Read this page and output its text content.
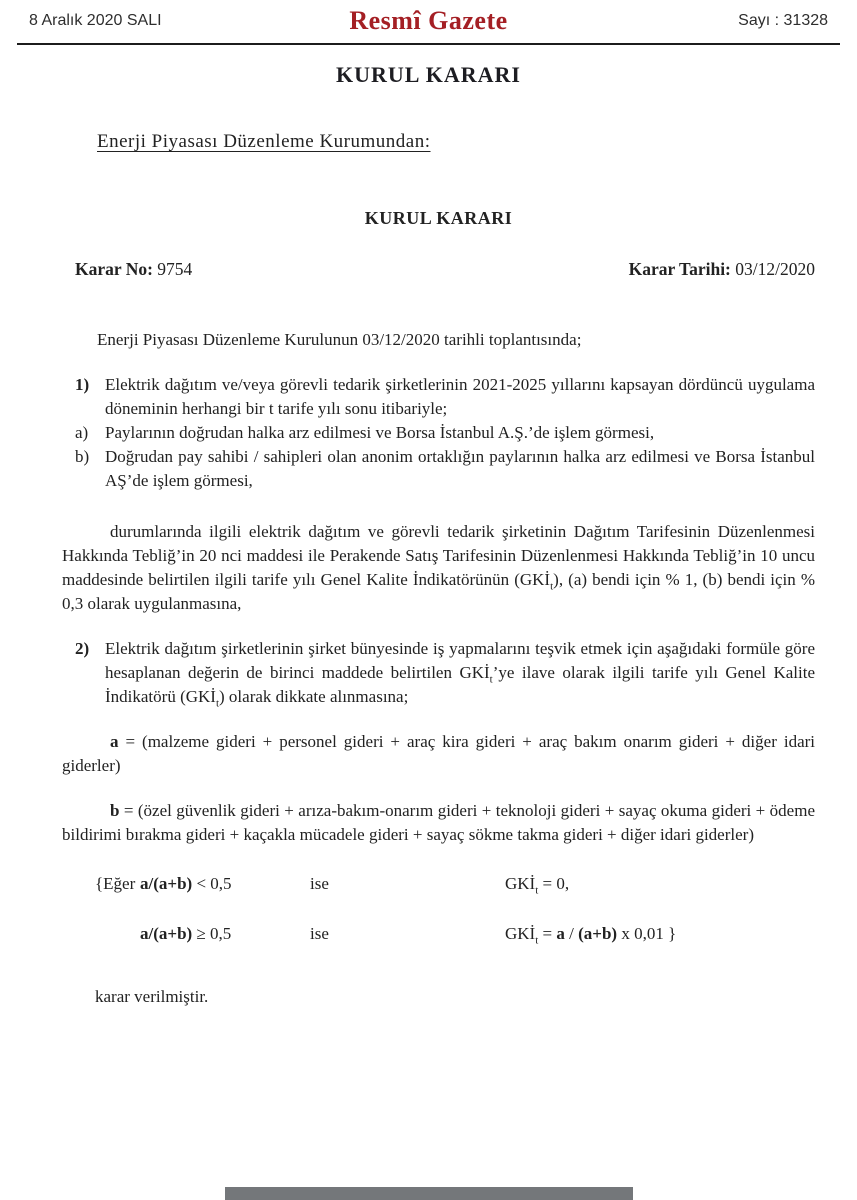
8 Aralık 2020 SALI	Resmî Gazete	Sayı : 31328
KURUL KARARI
Enerji Piyasası Düzenleme Kurumundan:
KURUL KARARI
Karar No: 9754	Karar Tarihi: 03/12/2020
Enerji Piyasası Düzenleme Kurulunun 03/12/2020 tarihli toplantısında;
1) Elektrik dağıtım ve/veya görevli tedarik şirketlerinin 2021-2025 yıllarını kapsayan dördüncü uygulama döneminin herhangi bir t tarife yılı sonu itibariyle;
a) Paylarının doğrudan halka arz edilmesi ve Borsa İstanbul A.Ş.’de işlem görmesi,
b) Doğrudan pay sahibi / sahipleri olan anonim ortaklığın paylarının halka arz edilmesi ve Borsa İstanbul AŞ’de işlem görmesi,
durumlarında ilgili elektrik dağıtım ve görevli tedarik şirketinin Dağıtım Tarifesinin Düzenlenmesi Hakkında Tebliğ’in 20 nci maddesi ile Perakende Satış Tarifesinin Düzenlenmesi Hakkında Tebliğ’in 10 uncu maddesinde belirtilen ilgili tarife yılı Genel Kalite İndikatörünün $(GKİ_t)$, (a) bendi için % 1, (b) bendi için % 0,3 olarak uygulanmasına,
2) Elektrik dağıtım şirketlerinin şirket bünyesinde iş yapmalarını teşvik etmek için aşağıdaki formüle göre hesaplanan değerin de birinci maddede belirtilen $GKİ_t’ye$ ilave olarak ilgili tarife yılı Genel Kalite İndikatörü $(GKİ_t)$ olarak dikkate alınmasına;
a = (malzeme gideri + personel gideri + araç kira gideri + araç bakım onarım gideri + diğer idari giderler)
b = (özel güvenlik gideri + arıza-bakım-onarım gideri + teknoloji gideri + sayaç okuma gideri + ödeme bildirimi bırakma gideri + kaçakla mücadele gideri + sayaç sökme takma gideri + diğer idari giderler)
{Eğer a/(a+b) < 0,5	ise	$GKİ_t = 0$,
a/(a+b) ≥ 0,5	ise	$GKİ_t = a / (a+b)$ x 0,01 }
karar verilmiştir.
